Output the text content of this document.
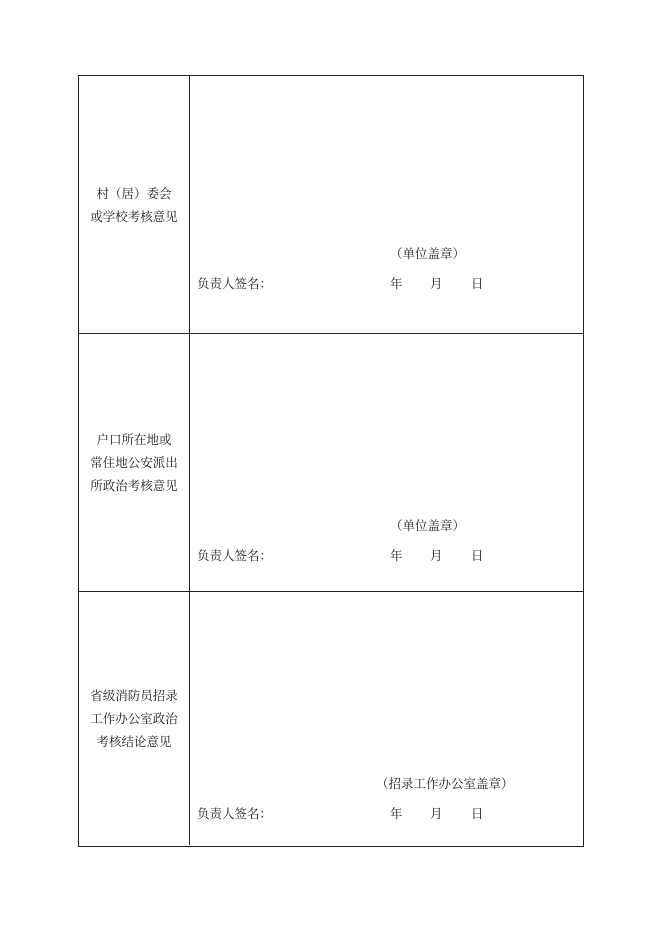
村（居）委会
或学校考核意见
（单位盖章）
负责人签名：	年 月 日
户口所在地或
常住地公安派出
所政治考核意见
（单位盖章）
负责人签名：	年 月 日
省级消防员招录
工作办公室政治
考核结论意见
（招录工作办公室盖章）
负责人签名：	年 月 日
